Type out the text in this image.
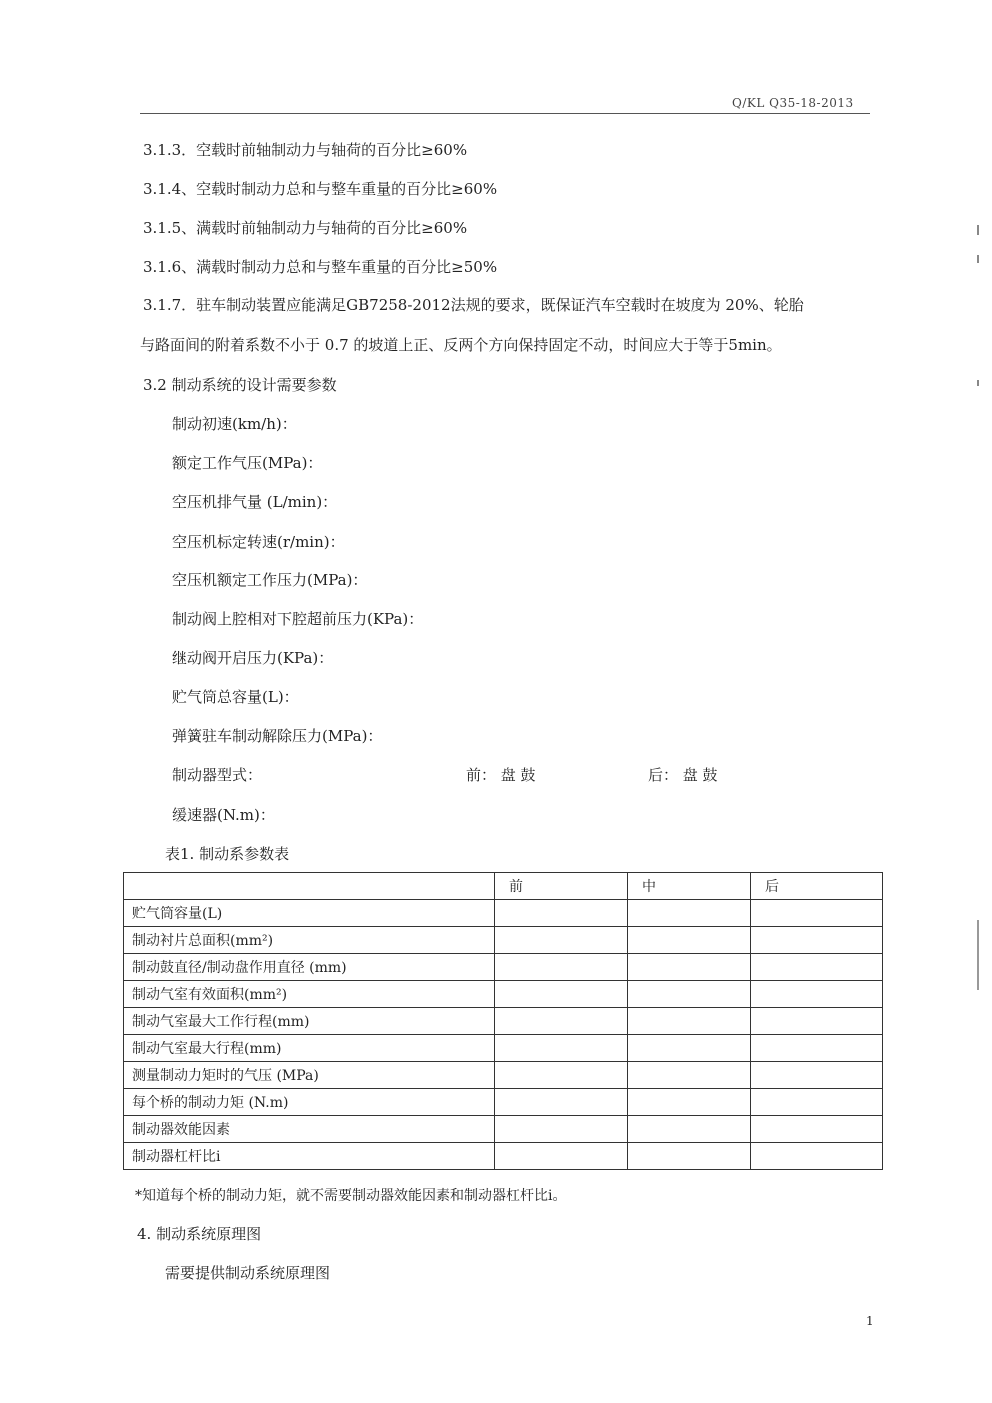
Q/KL Q35-18-2013
3.1.3．空载时前轴制动力与轴荷的百分比≥60%
3.1.4、空载时制动力总和与整车重量的百分比≥60%
3.1.5、满载时前轴制动力与轴荷的百分比≥60%
3.1.6、满载时制动力总和与整车重量的百分比≥50%
3.1.7．驻车制动装置应能满足GB7258-2012法规的要求，既保证汽车空载时在坡度为 20%、轮胎
与路面间的附着系数不小于 0.7 的坡道上正、反两个方向保持固定不动，时间应大于等于5min。
3.2 制动系统的设计需要参数
制动初速(km/h)：
额定工作气压(MPa)：
空压机排气量 (L/min)：
空压机标定转速(r/min)：
空压机额定工作压力(MPa)：
制动阀上腔相对下腔超前压力(KPa)：
继动阀开启压力(KPa)：
贮气筒总容量(L)：
弹簧驻车制动解除压力(MPa)：
制动器型式：	前： 盘 鼓	后： 盘 鼓
缓速器(N.m)：
表1. 制动系参数表
	前	中	后
贮气筒容量(L)			
制动衬片总面积(mm²)			
制动鼓直径/制动盘作用直径 (mm)			
制动气室有效面积(mm²)			
制动气室最大工作行程(mm)			
制动气室最大行程(mm)			
测量制动力矩时的气压 (MPa)			
每个桥的制动力矩 (N.m)			
制动器效能因素			
制动器杠杆比i			
*知道每个桥的制动力矩，就不需要制动器效能因素和制动器杠杆比i。
4. 制动系统原理图
需要提供制动系统原理图
1
